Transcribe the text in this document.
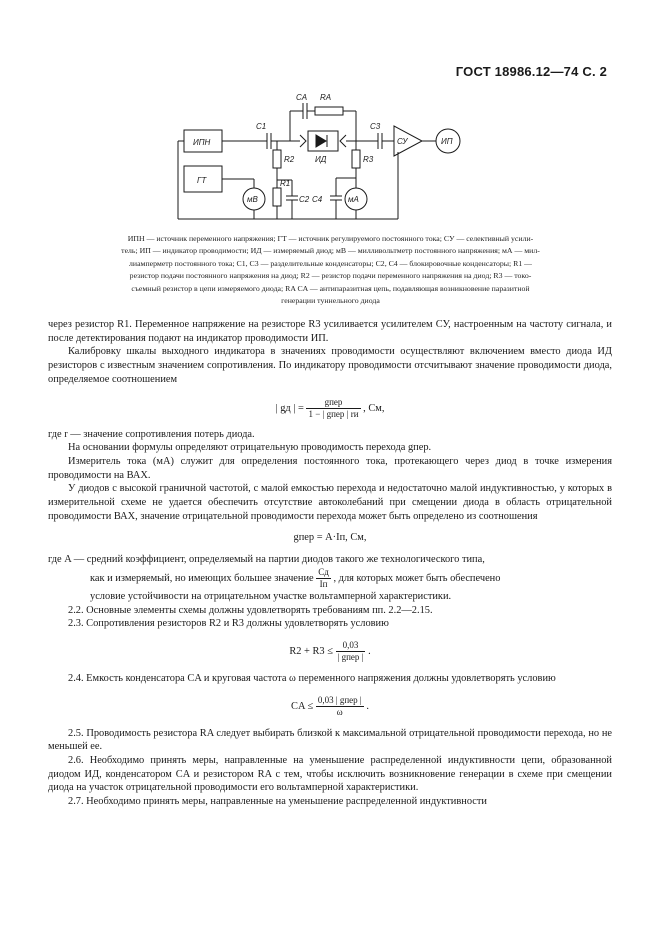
ГОСТ 18986.12—74 С. 2
ИПН
ГТ
C1
CA RA
ИД
R2
R1
C2
мВ
R3
мА
C4
C3
СУ	ИП
ИПН — источник переменного напряжения; ГТ — источник регулируемого постоянного тока; СУ — селективный усили-
тель; ИП — индикатор проводимости; ИД — измеряемый диод; мВ — милливольтметр постоянного напряжения; мА — мил-
лиамперметр постоянного тока; C1, C3 — разделительные конденсаторы; C2, C4 — блокировочные конденсаторы; R1 —
резистор подачи постоянного напряжения на диод; R2 — резистор подачи переменного напряжения на диод; R3 — токо-
съемный резистор в цепи измеряемого диода; RA CA — антипаразитная цепь, подавляющая возникновение паразитной
генерации туннельного диода

через резистор R1. Переменное напряжение на резисторе R3 усиливается усилителем СУ, настроенным на частоту сигнала, и после детектирования подают на индикатор проводимости ИП.

Калибровку шкалы выходного индикатора в значениях проводимости осуществляют включением вместо диода ИД резисторов с известным значением сопротивления. По индикатору проводимости отсчитывают значение проводимости диода, определяемое соотношением

| gд | = $\frac{\text{gпер}}{\text{1 − | gпер | rи}}$ , См,

где r — значение сопротивления потерь диода.

На основании формулы определяют отрицательную проводимость перехода gпер.

Измеритель тока (мА) служит для определения постоянного тока, протекающего через диод в точке измерения проводимости на ВАХ.

У диодов с высокой граничной частотой, с малой емкостью перехода и недостаточно малой индуктивностью, у которых в измерительной схеме не удается обеспечить отсутствие автоколебаний при смещении диода в область отрицательной проводимости ВАХ, значение отрицательной проводимости перехода может быть определено из соотношения

gпер = A·Iп, См,

где A — средний коэффициент, определяемый на партии диодов такого же технологического типа,

как и измеряемый, но имеющих большее значение $\frac{Cд}{Iп}$ , для которых может быть обеспечено

условие устойчивости на отрицательном участке вольтамперной характеристики.

2.2. Основные элементы схемы должны удовлетворять требованиям пп. 2.2—2.15.

2.3. Сопротивления резисторов R2 и R3 должны удовлетворять условию

$R2 + R3 \le \frac{0,03}{\text{| gпер |}}$ .

2.4. Емкость конденсатора CA и круговая частота ω переменного напряжения должны удовлетворять условию

CA ≤ $\frac{\text{0,03 | gпер |}}{\omega}$ .

2.5. Проводимость резистора RA следует выбирать близкой к максимальной отрицательной проводимости перехода, но не меньшей ее.

2.6. Необходимо принять меры, направленные на уменьшение распределенной индуктивности цепи, образованной диодом ИД, конденсатором CA и резистором RA с тем, чтобы исключить возникновение генерации в схеме при смещении диода на участок отрицательной проводимости его вольтамперной характеристики.

2.7. Необходимо принять меры, направленные на уменьшение распределенной индуктивности
